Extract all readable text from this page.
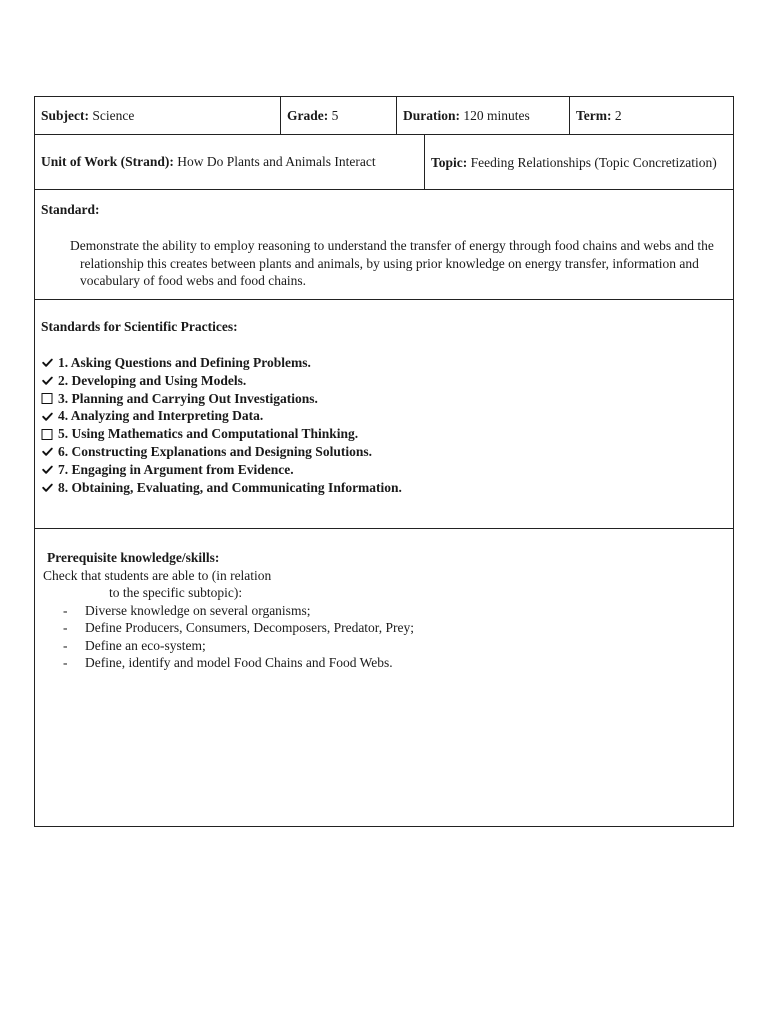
Subject: Science	Grade: 5	Duration: 120 minutes	Term: 2
Unit of Work (Strand): How Do Plants and Animals Interact	Topic: Feeding Relationships (Topic Concretization)
Standard:
Demonstrate the ability to employ reasoning to understand the transfer of energy through food chains and webs and the relationship this creates between plants and animals, by using prior knowledge on energy transfer, information and vocabulary of food webs and food chains.
Standards for Scientific Practices:
1. Asking Questions and Defining Problems.
2. Developing and Using Models.
3. Planning and Carrying Out Investigations.
4. Analyzing and Interpreting Data.
5. Using Mathematics and Computational Thinking.
6. Constructing Explanations and Designing Solutions.
7. Engaging in Argument from Evidence.
8. Obtaining, Evaluating, and Communicating Information.
Prerequisite knowledge/skills:
Check that students are able to (in relation
to the specific subtopic):
-	Diverse knowledge on several organisms;
-	Define Producers, Consumers, Decomposers, Predator, Prey;
-	Define an eco-system;
-	Define, identify and model Food Chains and Food Webs.
